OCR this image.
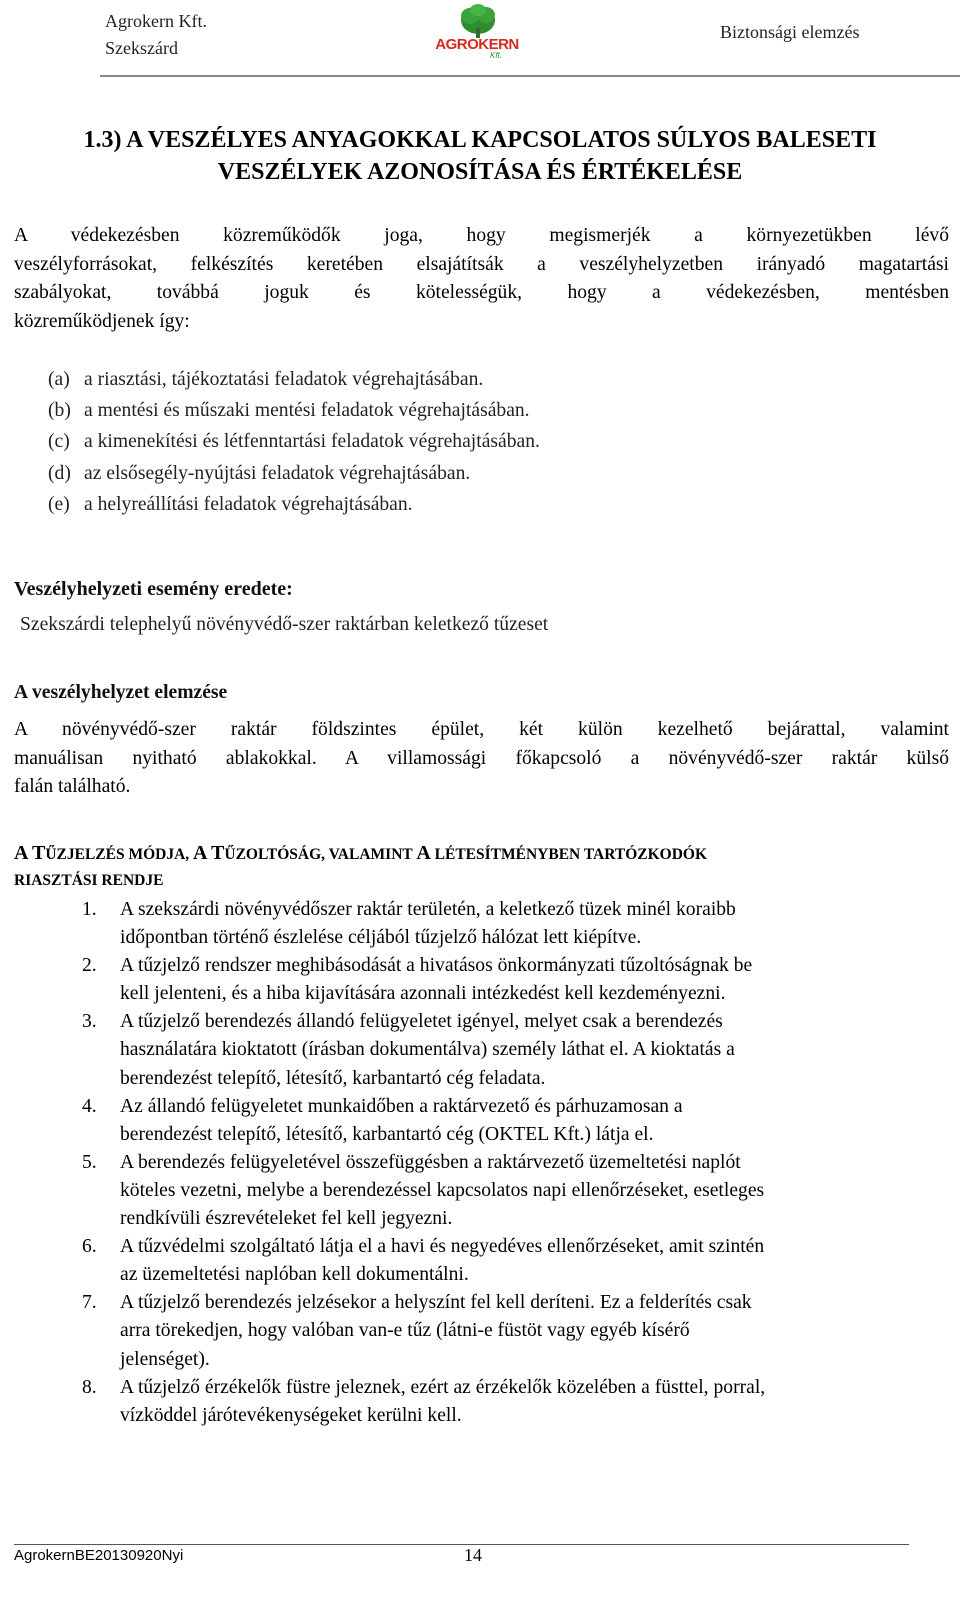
Agrokern Kft.
Szekszárd	AGROKERN
Kft.
Biztonsági elemzés
1.3) A VESZÉLYES ANYAGOKKAL KAPCSOLATOS SÚLYOS BALESETI
VESZÉLYEK AZONOSÍTÁSA ÉS ÉRTÉKELÉSE
A védekezésben közreműködők joga, hogy megismerjék a környezetükben lévő
veszélyforrásokat, felkészítés keretében elsajátítsák a veszélyhelyzetben irányadó magatartási
szabályokat, továbbá joguk és kötelességük, hogy a védekezésben, mentésben
közreműködjenek így:
(a) a riasztási, tájékoztatási feladatok végrehajtásában.
(b) a mentési és műszaki mentési feladatok végrehajtásában.
(c) a kimenekítési és létfenntartási feladatok végrehajtásában.
(d) az elsősegély-nyújtási feladatok végrehajtásában.
(e) a helyreállítási feladatok végrehajtásában.
Veszélyhelyzeti esemény eredete:
Szekszárdi telephelyű növényvédő-szer raktárban keletkező tűzeset
A veszélyhelyzet elemzése
A növényvédő-szer raktár földszintes épület, két külön kezelhető bejárattal, valamint
manuálisan nyitható ablakokkal. A villamossági főkapcsoló a növényvédő-szer raktár külső
falán található.
A TŰZJELZÉS MÓDJA, A TŰZOLTÓSÁG, VALAMINT A LÉTESÍTMÉNYBEN TARTÓZKODÓK
RIASZTÁSI RENDJE
1.	A szekszárdi növényvédőszer raktár területén, a keletkező tüzek minél koraibb
időpontban történő észlelése céljából tűzjelző hálózat lett kiépítve.
2.	A tűzjelző rendszer meghibásodását a hivatásos önkormányzati tűzoltóságnak be
kell jelenteni, és a hiba kijavítására azonnali intézkedést kell kezdeményezni.
3.	A tűzjelző berendezés állandó felügyeletet igényel, melyet csak a berendezés
használatára kioktatott (írásban dokumentálva) személy láthat el. A kioktatás a
berendezést telepítő, létesítő, karbantartó cég feladata.
4.	Az állandó felügyeletet munkaidőben a raktárvezető és párhuzamosan a
berendezést telepítő, létesítő, karbantartó cég (OKTEL Kft.) látja el.
5.	A berendezés felügyeletével összefüggésben a raktárvezető üzemeltetési naplót
köteles vezetni, melybe a berendezéssel kapcsolatos napi ellenőrzéseket, esetleges
rendkívüli észrevételeket fel kell jegyezni.
6.	A tűzvédelmi szolgáltató látja el a havi és negyedéves ellenőrzéseket, amit szintén
az üzemeltetési naplóban kell dokumentálni.
7.	A tűzjelző berendezés jelzésekor a helyszínt fel kell deríteni. Ez a felderítés csak
arra törekedjen, hogy valóban van-e tűz (látni-e füstöt vagy egyéb kísérő
jelenséget).
8.	A tűzjelző érzékelők füstre jeleznek, ezért az érzékelők közelében a füsttel, porral,
vízköddel járótevékenységeket kerülni kell.
AgrokernBE20130920Nyi	14
